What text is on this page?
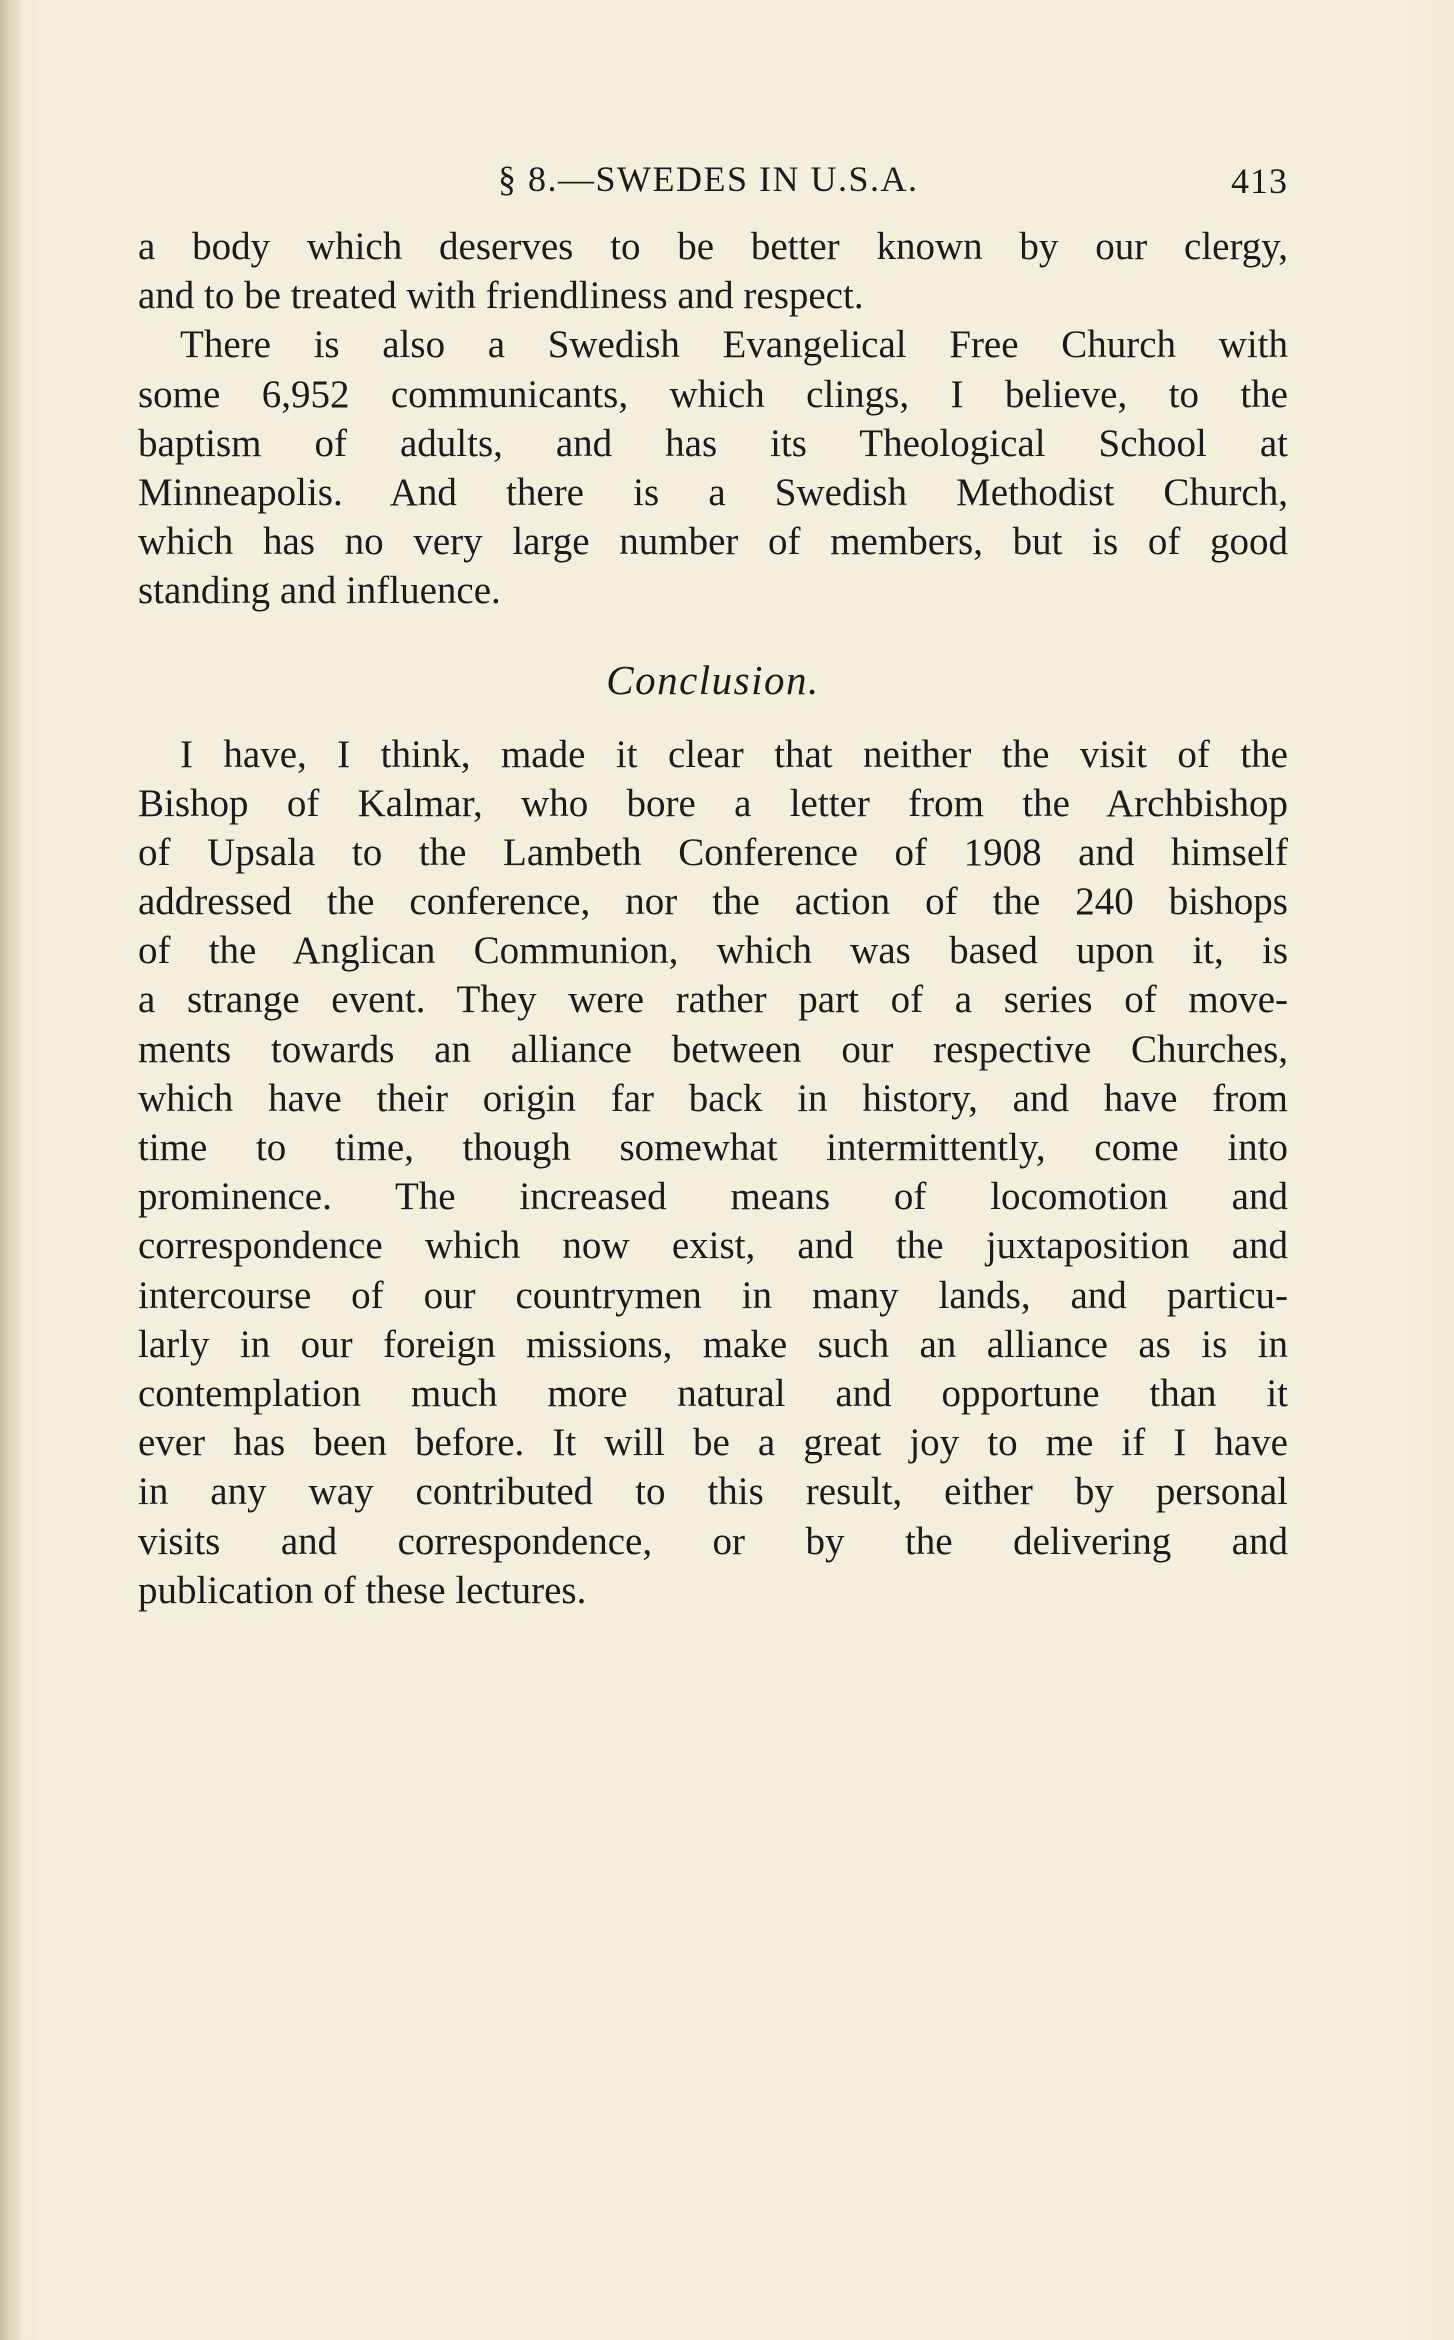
§ 8.—SWEDES IN U.S.A.	413
a body which deserves to be better known by our clergy,
and to be treated with friendliness and respect.
There is also a Swedish Evangelical Free Church with
some 6,952 communicants, which clings, I believe, to the
baptism of adults, and has its Theological School at
Minneapolis. And there is a Swedish Methodist Church,
which has no very large number of members, but is of good
standing and influence.
Conclusion.
I have, I think, made it clear that neither the visit of the
Bishop of Kalmar, who bore a letter from the Archbishop
of Upsala to the Lambeth Conference of 1908 and himself
addressed the conference, nor the action of the 240 bishops
of the Anglican Communion, which was based upon it, is
a strange event. They were rather part of a series of move-
ments towards an alliance between our respective Churches,
which have their origin far back in history, and have from
time to time, though somewhat intermittently, come into
prominence. The increased means of locomotion and
correspondence which now exist, and the juxtaposition and
intercourse of our countrymen in many lands, and particu-
larly in our foreign missions, make such an alliance as is in
contemplation much more natural and opportune than it
ever has been before. It will be a great joy to me if I have
in any way contributed to this result, either by personal
visits and correspondence, or by the delivering and
publication of these lectures.
